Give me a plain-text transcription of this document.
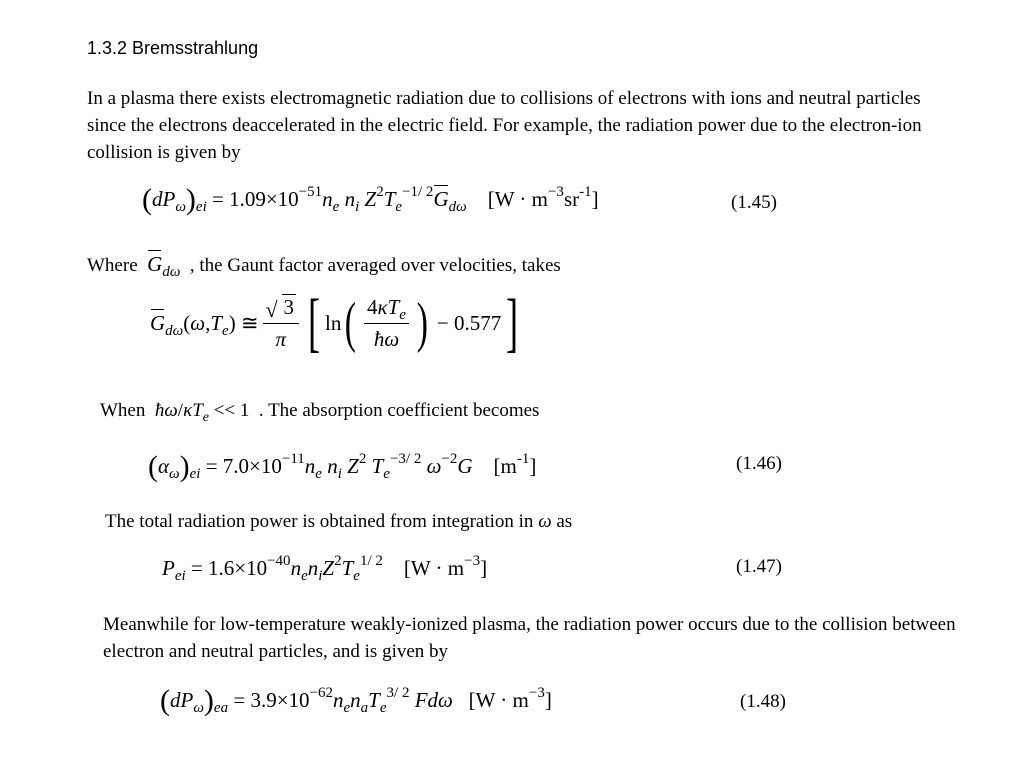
1.3.2 Bremsstrahlung
In a plasma there exists electromagnetic radiation due to collisions of electrons with ions and neutral particles since the electrons deaccelerated in the electric field. For example, the radiation power due to the electron-ion collision is given by
$(dP_\omega)_{ei} = 1.09\times 10^{-51}n_e$ $n_i$ $Z^2T_e^{-1/ 2}G_{d\omega}$ $[W \cdot m^{-3}sr^{-1}]$	(1.45)
Where $G_{d\omega}$ , the Gaunt factor averaged over velocities, takes
$G_{d\omega}(\omega,T_e)$ ≅ $\frac{√ 3}{\pi}$ [ ln ( $\frac{4\kappa T_e}{ħ\omega}$ ) − 0.577 ]
When $ħ\omega/\kappa T_e << 1$ . The absorption coefficient becomes
$(\alpha_\omega)_{ei} = 7.0\times 10^{-11}n_e$ $n_i$ $Z^2$ $T_e^{-3/ 2}$ $\omega^{-2}G$ $[m^{-1}]$	(1.46)
The total radiation power is obtained from integration in ω as
$P_{ei} = 1.6\times 10^{-40}n_en_iZ^2T_e^{1/ 2}$ $[W \cdot m^{-3}]$	(1.47)
Meanwhile for low-temperature weakly-ionized plasma, the radiation power occurs due to the collision between electron and neutral particles, and is given by
$(dP_\omega)_{ea} = 3.9\times 10^{-62}n_en_aT_e^{3/ 2}$ Fdω $[W \cdot m^{-3}]$	(1.48)
